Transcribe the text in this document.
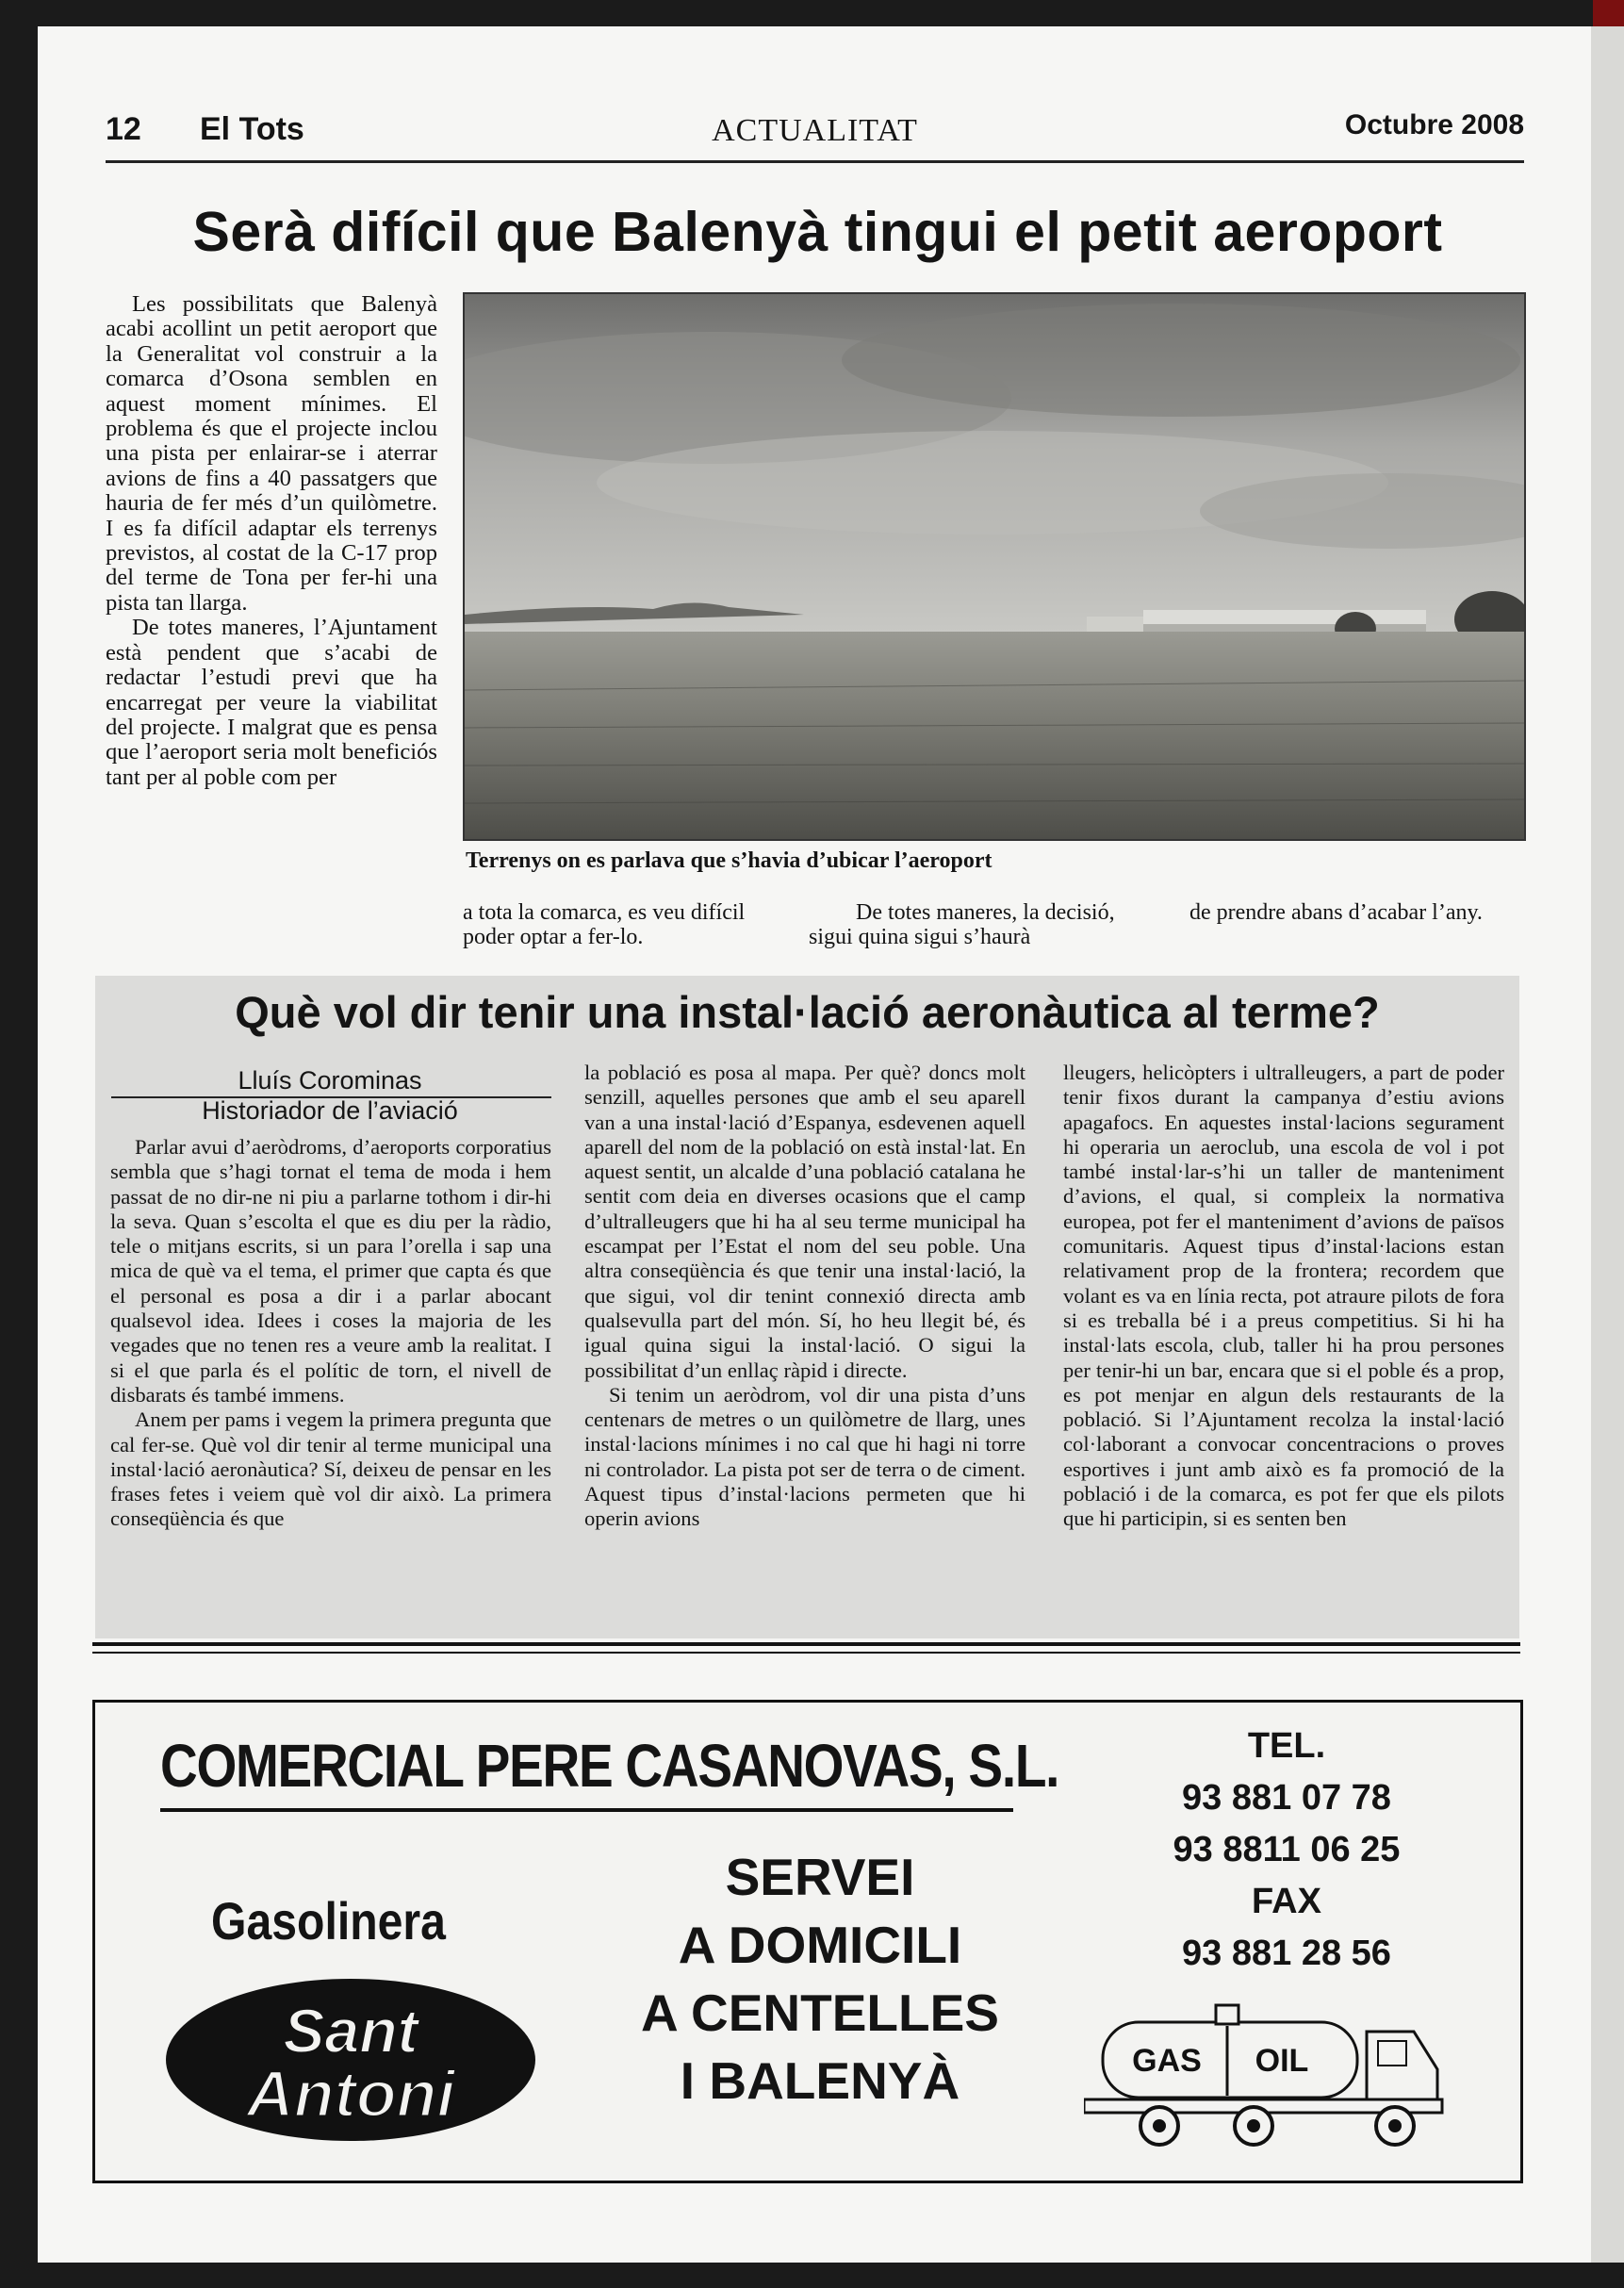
12 El Tots	ACTUALITAT	Octubre 2008
Serà difícil que Balenyà tingui el petit aeroport

Les possibilitats que Balenyà acabi acollint un petit aeroport que la Generalitat vol construir a la comarca d’Osona semblen en aquest moment mínimes. El problema és que el projecte inclou una pista per enlairar-se i aterrar avions de fins a 40 passatgers que hauria de fer més d’un quilòmetre. I es fa difícil adaptar els terrenys previstos, al costat de la C-17 prop del terme de Tona per fer-hi una pista tan llarga.

De totes maneres, l’Ajuntament està pendent que s’acabi de redactar l’estudi previ que ha encarregat per veure la viabilitat del projecte. I malgrat que es pensa que l’aeroport seria molt beneficiós tant per al poble com per

Terrenys on es parlava que s’havia d’ubicar l’aeroport

a tota la comarca, es veu difícil poder optar a fer-lo.

De totes maneres, la decisió, sigui quina sigui s’haurà

de prendre abans d’acabar l’any.

Què vol dir tenir una instal·lació aeronàutica al terme?
Lluís Corominas
Historiador de l’aviació

Parlar avui d’aeròdroms, d’aeroports corporatius sembla que s’hagi tornat el tema de moda i hem passat de no dir-ne ni piu a parlarne tothom i dir-hi la seva. Quan s’escolta el que es diu per la ràdio, tele o mitjans escrits, si un para l’orella i sap una mica de què va el tema, el primer que capta és que el personal es posa a dir i a parlar abocant qualsevol idea. Idees i coses la majoria de les vegades que no tenen res a veure amb la realitat. I si el que parla és el polític de torn, el nivell de disbarats és també immens.

Anem per pams i vegem la primera pregunta que cal fer-se. Què vol dir tenir al terme municipal una instal·lació aeronàutica? Sí, deixeu de pensar en les frases fetes i veiem què vol dir això. La primera conseqüència és que

la població es posa al mapa. Per què? doncs molt senzill, aquelles persones que amb el seu aparell van a una instal·lació d’Espanya, esdevenen aquell aparell del nom de la població on està instal·lat. En aquest sentit, un alcalde d’una població catalana he sentit com deia en diverses ocasions que el camp d’ultralleugers que hi ha al seu terme municipal ha escampat per l’Estat el nom del seu poble. Una altra conseqüència és que tenir una instal·lació, la que sigui, vol dir tenint connexió directa amb qualsevulla part del món. Sí, ho heu llegit bé, és igual quina sigui la instal·lació. O sigui la possibilitat d’un enllaç ràpid i directe.

Si tenim un aeròdrom, vol dir una pista d’uns centenars de metres o un quilòmetre de llarg, unes instal·lacions mínimes i no cal que hi hagi ni torre ni controlador. La pista pot ser de terra o de ciment. Aquest tipus d’instal·lacions permeten que hi operin avions

lleugers, helicòpters i ultralleugers, a part de poder tenir fixos durant la campanya d’estiu avions apagafocs. En aquestes instal·lacions segurament hi operaria un aeroclub, una escola de vol i pot també instal·lar-s’hi un taller de manteniment d’avions, el qual, si compleix la normativa europea, pot fer el manteniment d’avions de països comunitaris. Aquest tipus d’instal·lacions estan relativament prop de la frontera; recordem que volant es va en línia recta, pot atraure pilots de fora si es treballa bé i a preus competitius. Si hi ha instal·lats escola, club, taller hi ha prou persones per tenir-hi un bar, encara que si el poble és a prop, es pot menjar en algun dels restaurants de la població. Si l’Ajuntament recolza la instal·lació col·laborant a convocar concentracions o proves esportives i junt amb això es fa promoció de la població i de la comarca, es pot fer que els pilots que hi participin, si es senten ben

COMERCIAL PERE CASANOVAS, S.L.
Gasolinera
Sant
Antoni
SERVEI
A DOMICILI
A CENTELLES
I BALENYÀ
TEL.
93 881 07 78
93 8811 06 25
FAX
93 881 28 56
GAS OIL
